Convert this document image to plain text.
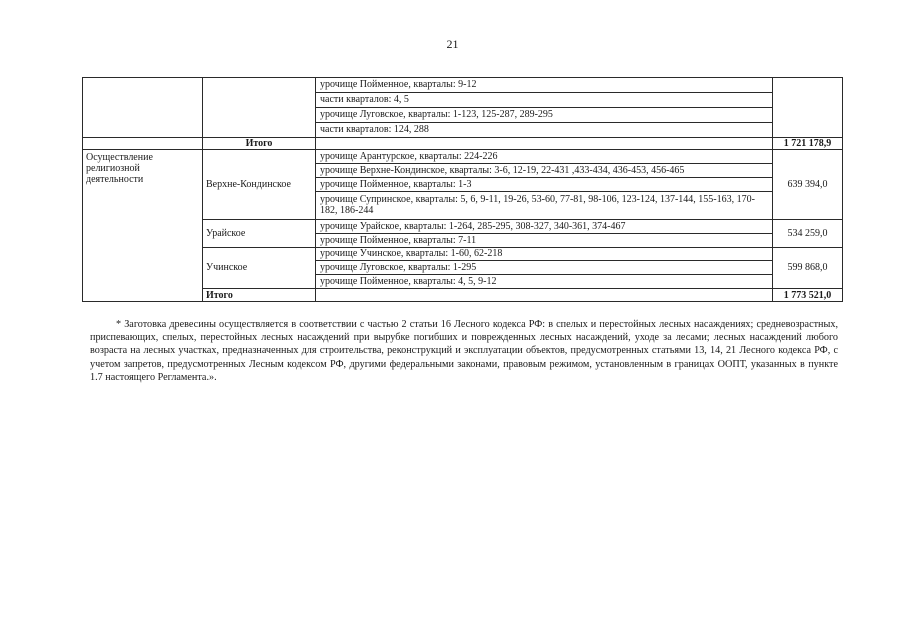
21
		урочище Пойменное, кварталы: 9-12	
		части кварталов: 4, 5	
		урочище Луговское, кварталы: 1-123, 125-287, 289-295	
		части кварталов: 124, 288	
	Итого		1 721 178,9
Осуществление религиозной деятельности	Верхне-Кондинское	урочище Арантурское, кварталы: 224-226	639 394,0
		урочище Верхне-Кондинское, кварталы: 3-6, 12-19, 22-431 ,433-434, 436-453, 456-465	
		урочище Пойменное, кварталы: 1-3	
		урочище Супринское, кварталы: 5, 6, 9-11, 19-26, 53-60, 77-81, 98-106, 123-124, 137-144, 155-163, 170-182, 186-244	
	Урайское	урочище Урайское, кварталы: 1-264, 285-295, 308-327, 340-361, 374-467	534 259,0
		урочище Пойменное, кварталы: 7-11	
	Учинское	урочище Учинское, кварталы: 1-60, 62-218	599 868,0
		урочище Луговское, кварталы: 1-295	
		урочище Пойменное, кварталы: 4, 5, 9-12	
	Итого		1 773 521,0
* Заготовка древесины осуществляется в соответствии с частью 2 статьи 16 Лесного кодекса РФ: в спелых и перестойных лесных насаждениях; средневозрастных, приспевающих, спелых, перестойных лесных насаждений при вырубке погибших и поврежденных лесных насаждений, уходе за лесами; лесных насаждений любого возраста на лесных участках, предназначенных для строительства, реконструкций и эксплуатации объектов, предусмотренных статьями 13, 14, 21 Лесного кодекса РФ, с учетом запретов, предусмотренных Лесным кодексом РФ, другими федеральными законами, правовым режимом, установленным в границах ООПТ, указанных в пункте 1.7 настоящего Регламента.».
